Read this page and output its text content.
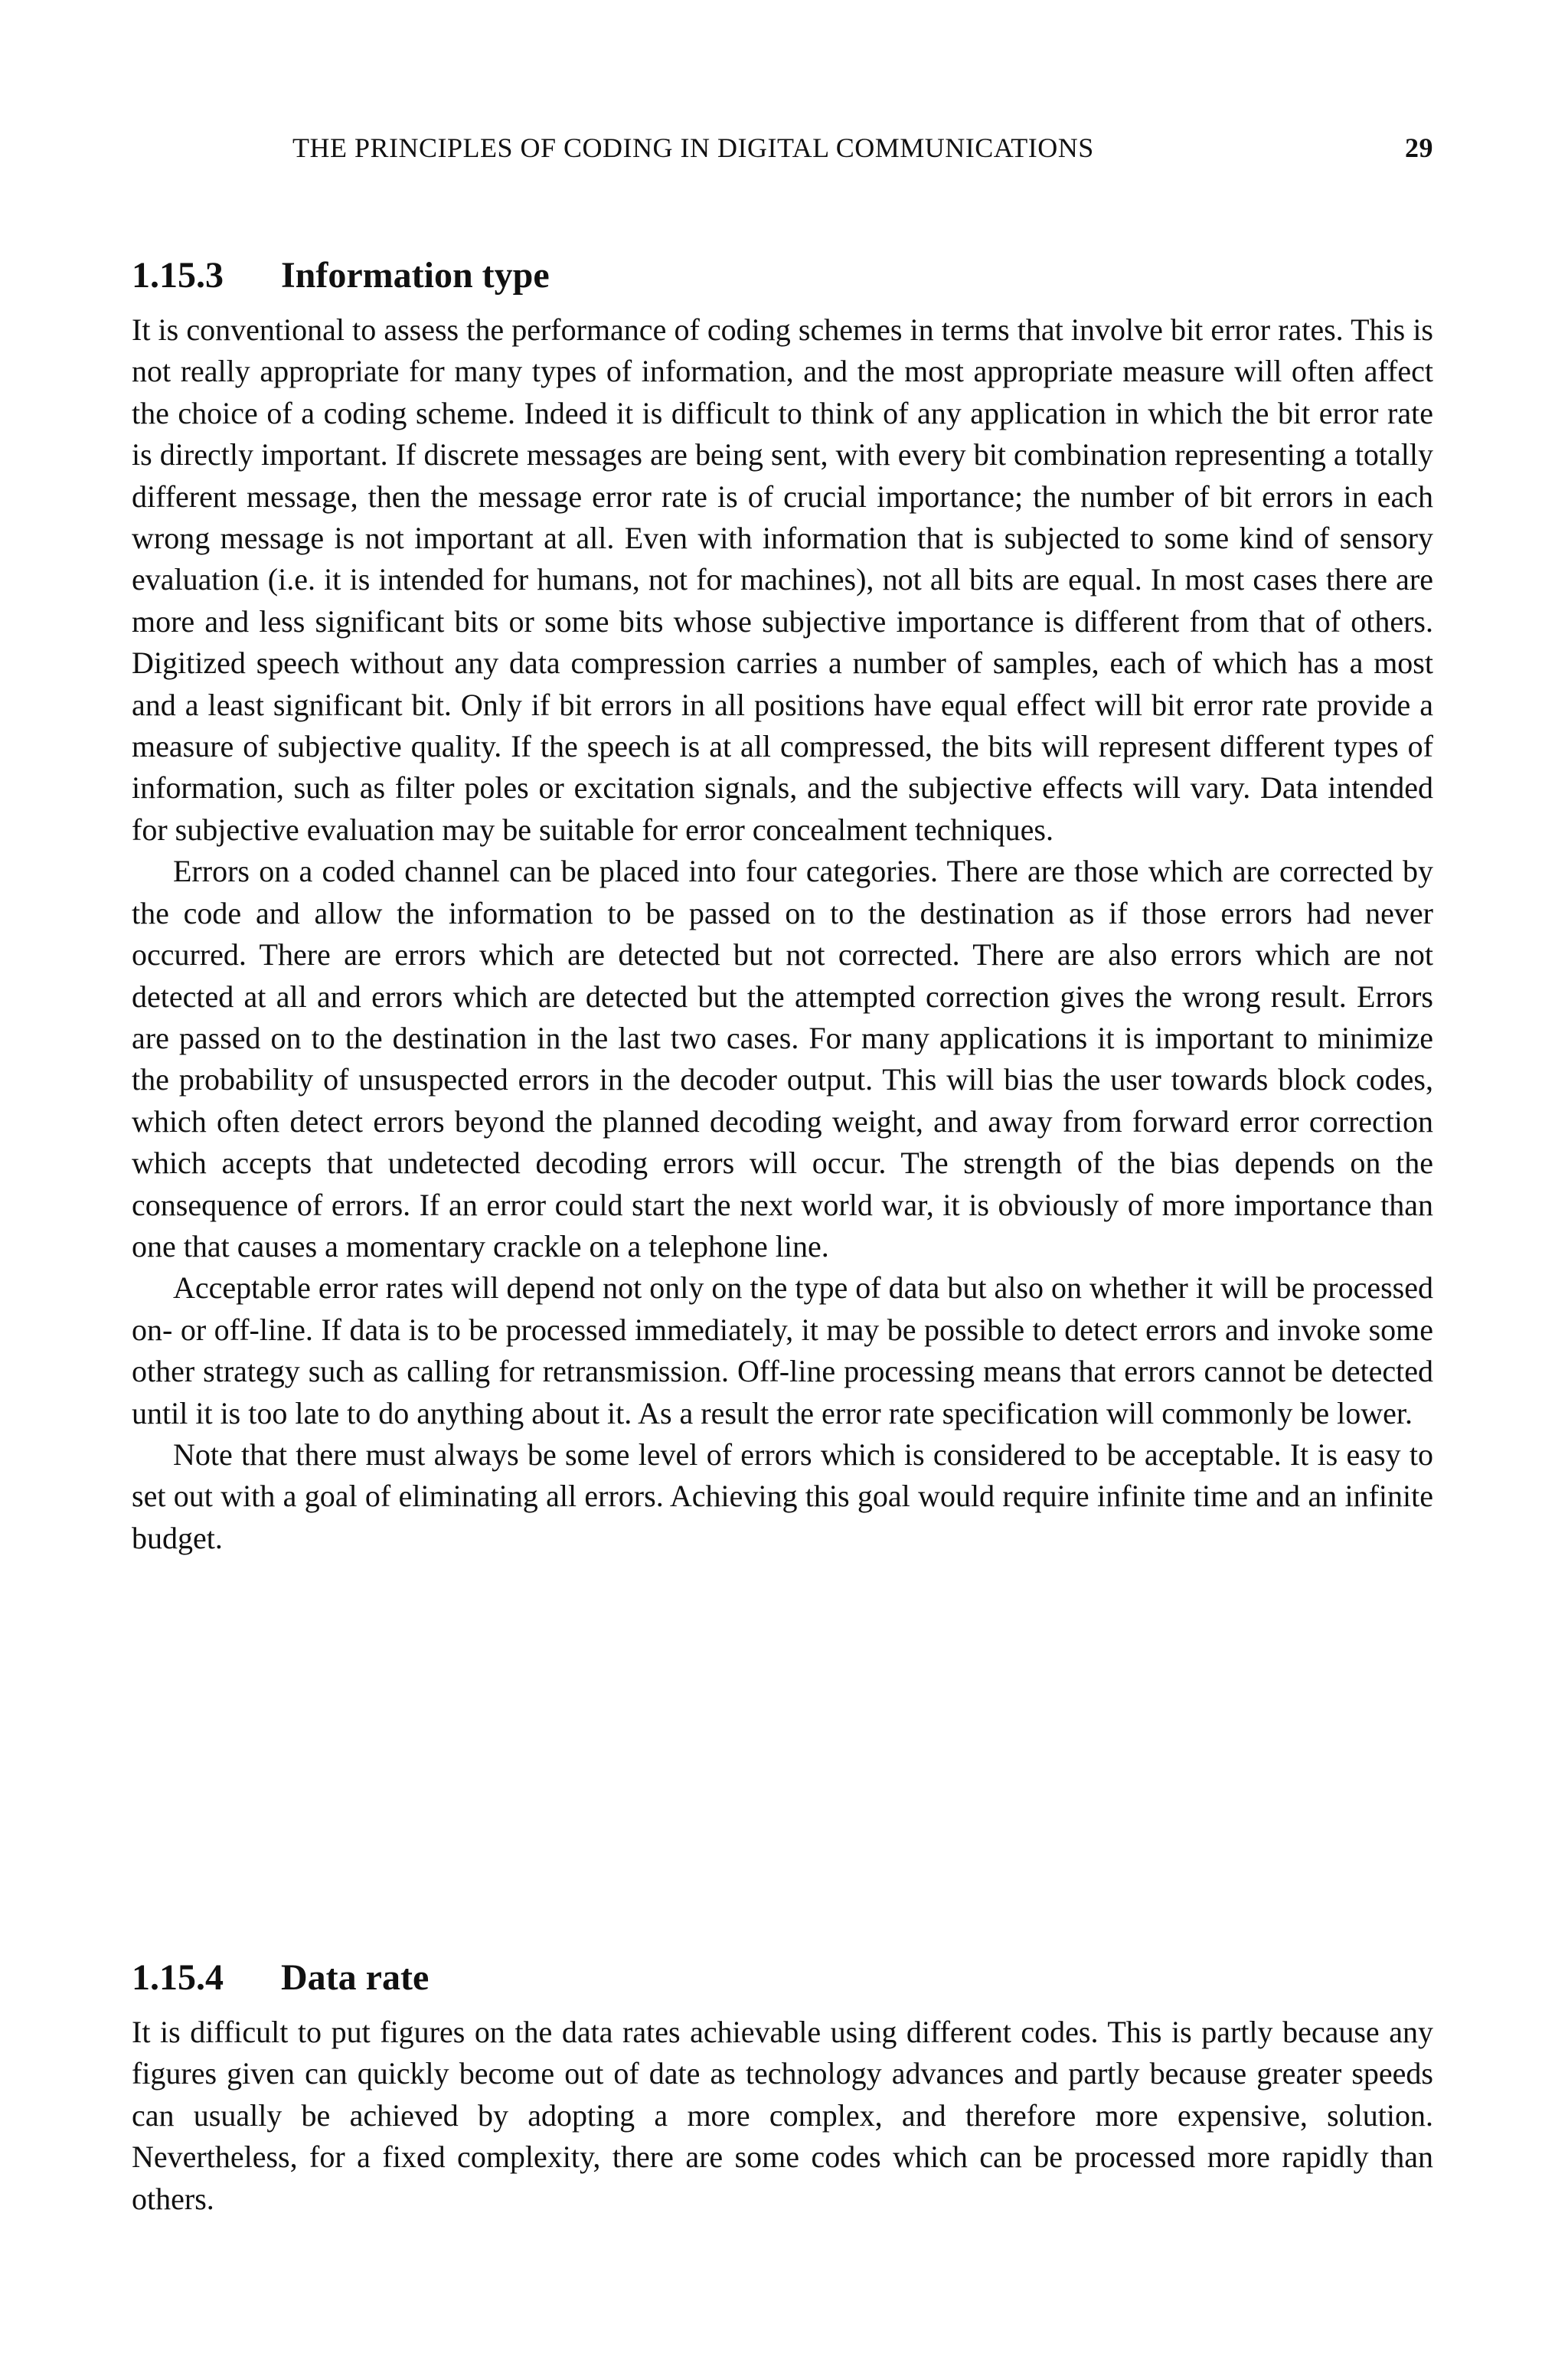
THE PRINCIPLES OF CODING IN DIGITAL COMMUNICATIONS	29
1.15.3 Information type

It is conventional to assess the performance of coding schemes in terms that involve bit error rates. This is not really appropriate for many types of information, and the most appropriate measure will often affect the choice of a coding scheme. Indeed it is difficult to think of any application in which the bit error rate is directly important. If discrete messages are being sent, with every bit combination representing a totally different message, then the message error rate is of crucial importance; the number of bit errors in each wrong message is not important at all. Even with information that is subjected to some kind of sensory evaluation (i.e. it is intended for humans, not for machines), not all bits are equal. In most cases there are more and less significant bits or some bits whose subjective importance is different from that of others. Digitized speech without any data compression carries a number of samples, each of which has a most and a least significant bit. Only if bit errors in all positions have equal effect will bit error rate provide a measure of subjective quality. If the speech is at all compressed, the bits will represent different types of information, such as filter poles or excitation signals, and the subjective effects will vary. Data intended for subjective evaluation may be suitable for error concealment techniques.

Errors on a coded channel can be placed into four categories. There are those which are corrected by the code and allow the information to be passed on to the destination as if those errors had never occurred. There are errors which are detected but not corrected. There are also errors which are not detected at all and errors which are detected but the attempted correction gives the wrong result. Errors are passed on to the destination in the last two cases. For many applications it is important to minimize the probability of unsuspected errors in the decoder output. This will bias the user towards block codes, which often detect errors beyond the planned decoding weight, and away from forward error correction which accepts that undetected decoding errors will occur. The strength of the bias depends on the consequence of errors. If an error could start the next world war, it is obviously of more importance than one that causes a momentary crackle on a telephone line.

Acceptable error rates will depend not only on the type of data but also on whether it will be processed on- or off-line. If data is to be processed immediately, it may be possible to detect errors and invoke some other strategy such as calling for retransmission. Off-line processing means that errors cannot be detected until it is too late to do anything about it. As a result the error rate specification will commonly be lower.

Note that there must always be some level of errors which is considered to be acceptable. It is easy to set out with a goal of eliminating all errors. Achieving this goal would require infinite time and an infinite budget.

1.15.4 Data rate

It is difficult to put figures on the data rates achievable using different codes. This is partly because any figures given can quickly become out of date as technology advances and partly because greater speeds can usually be achieved by adopting a more complex, and therefore more expensive, solution. Nevertheless, for a fixed complexity, there are some codes which can be processed more rapidly than others.
